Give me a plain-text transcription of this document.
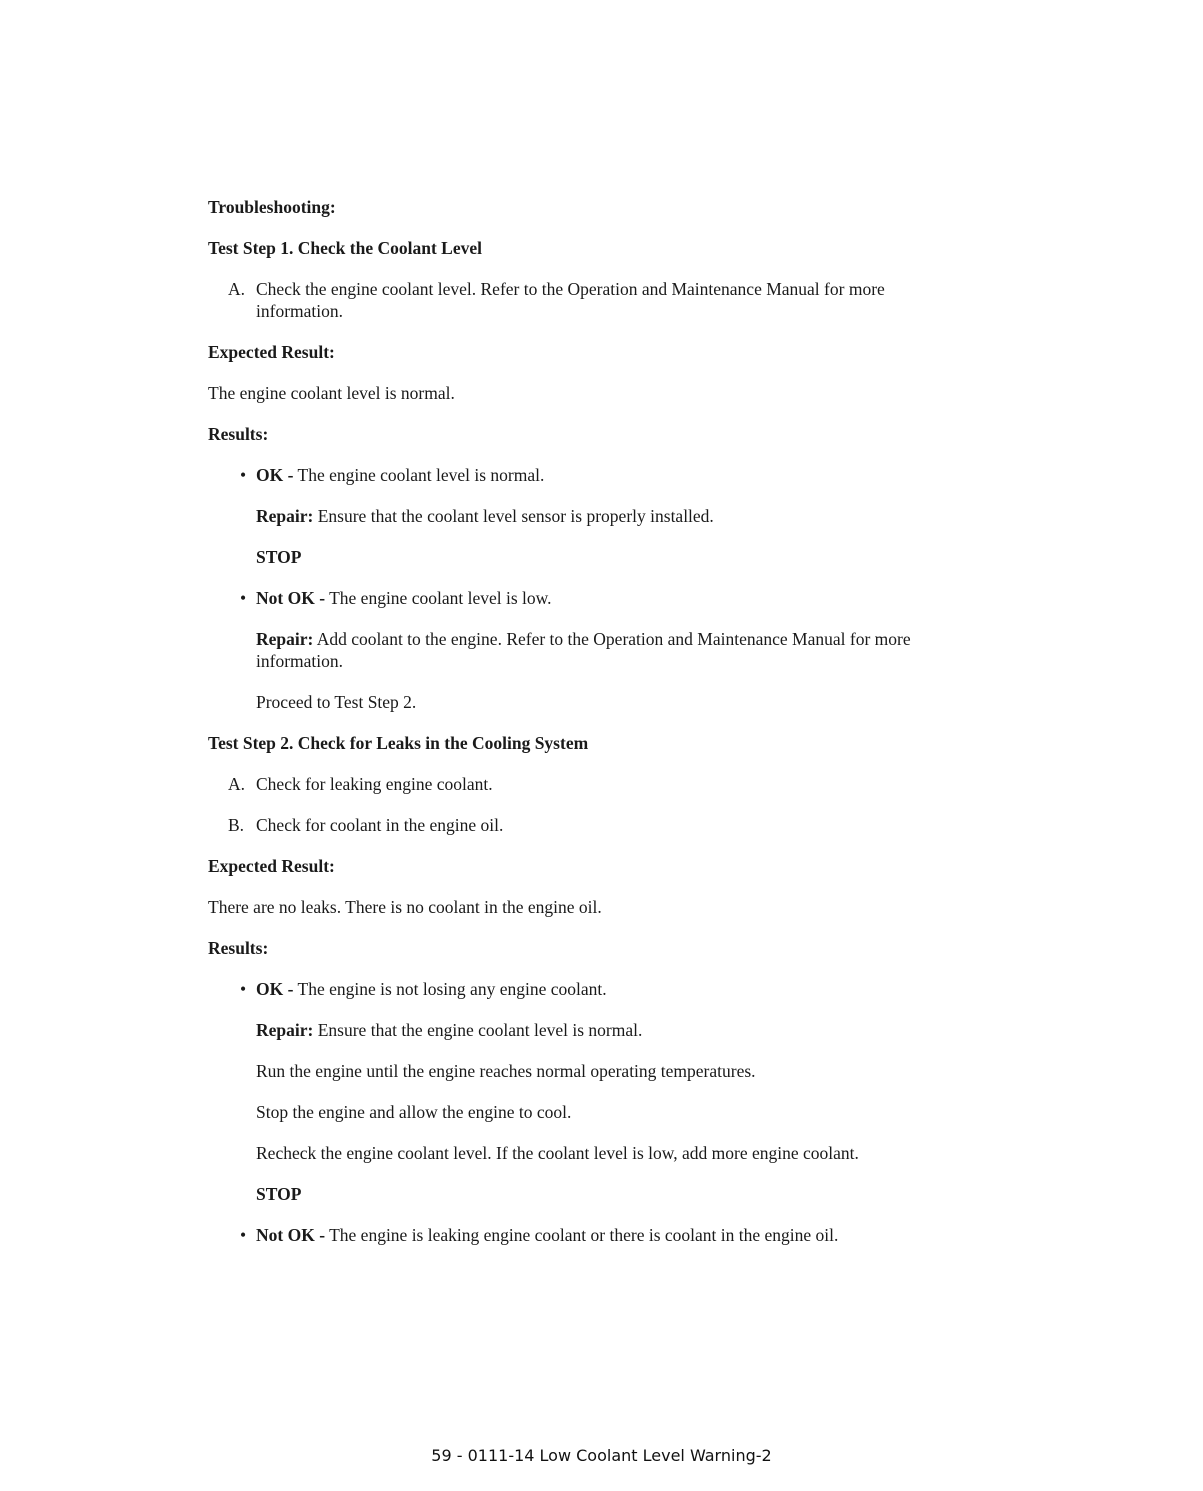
Troubleshooting:
Test Step 1. Check the Coolant Level
A. Check the engine coolant level. Refer to the Operation and Maintenance Manual for more information.
Expected Result:
The engine coolant level is normal.
Results:
• OK - The engine coolant level is normal.
Repair: Ensure that the coolant level sensor is properly installed.
STOP
• Not OK - The engine coolant level is low.
Repair: Add coolant to the engine. Refer to the Operation and Maintenance Manual for more information.
Proceed to Test Step 2.
Test Step 2. Check for Leaks in the Cooling System
A. Check for leaking engine coolant.
B. Check for coolant in the engine oil.
Expected Result:
There are no leaks. There is no coolant in the engine oil.
Results:
• OK - The engine is not losing any engine coolant.
Repair: Ensure that the engine coolant level is normal.
Run the engine until the engine reaches normal operating temperatures.
Stop the engine and allow the engine to cool.
Recheck the engine coolant level. If the coolant level is low, add more engine coolant.
STOP
• Not OK - The engine is leaking engine coolant or there is coolant in the engine oil.
59 - 0111-14 Low Coolant Level Warning-2
